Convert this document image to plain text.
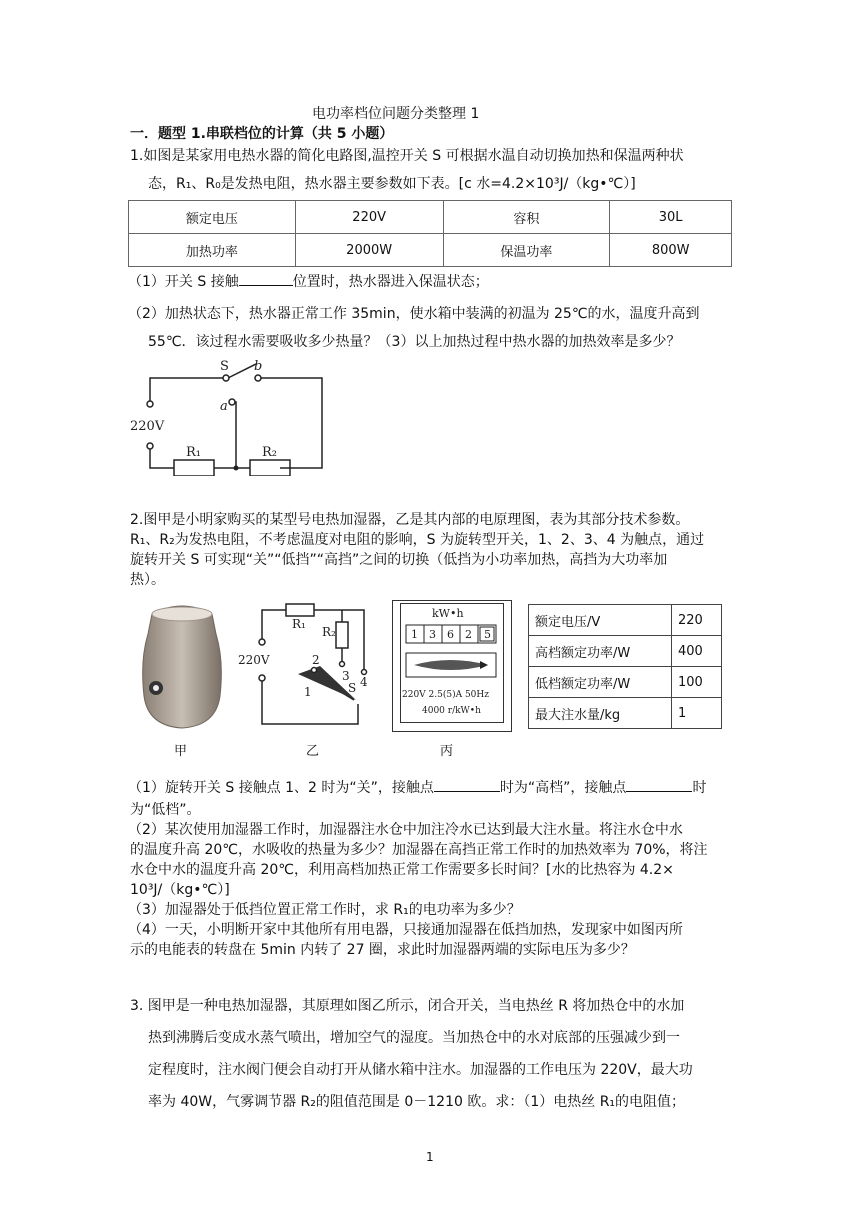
电功率档位问题分类整理 1
一．题型 1.串联档位的计算（共 5 小题）
1.如图是某家用电热水器的简化电路图,温控开关 S 可根据水温自动切换加热和保温两种状
态，R₁、R₀是发热电阻，热水器主要参数如下表。[c 水=4.2×10³J/（kg•℃）]
额定电压	220V	容积	30L
加热功率	2000W	保温功率	800W
（1）开关 S 接触	位置时，热水器进入保温状态；
（2）加热状态下，热水器正常工作 35min，使水箱中装满的初温为 25℃的水，温度升高到
55℃．该过程水需要吸收多少热量？（3）以上加热过程中热水器的加热效率是多少？
S b
a
220V
R₁	R₂
2.图甲是小明家购买的某型号电热加湿器，乙是其内部的电原理图，表为其部分技术参数。
R₁、R₂为发热电阻，不考虑温度对电阻的影响，S 为旋转型开关，1、2、3、4 为触点，通过
旋转开关 S 可实现“关”“低挡”“高挡”之间的切换（低挡为小功率加热，高挡为大功率加
热）。
R₁
R₂
220V
1
2
3 4
S
kW•h
1 3 6 2 5
220V 2.5(5)A 50Hz
4000 r/kW•h
额定电压/V	220
高档额定功率/W	400
低档额定功率/W	100
最大注水量/kg	1
甲	乙	丙
（1）旋转开关 S 接触点 1、2 时为“关”，接触点	时为“高档”，接触点	时
为“低档”。
（2）某次使用加湿器工作时，加湿器注水仓中加注冷水已达到最大注水量。将注水仓中水
的温度升高 20℃，水吸收的热量为多少？加湿器在高挡正常工作时的加热效率为 70%，将注
水仓中水的温度升高 20℃，利用高档加热正常工作需要多长时间？[水的比热容为 4.2×
10³J/（kg•℃）]
（3）加湿器处于低挡位置正常工作时，求 R₁的电功率为多少？
（4）一天，小明断开家中其他所有用电器，只接通加湿器在低挡加热，发现家中如图丙所
示的电能表的转盘在 5min 内转了 27 圈，求此时加湿器两端的实际电压为多少？
3. 图甲是一种电热加湿器，其原理如图乙所示，闭合开关，当电热丝 R 将加热仓中的水加
热到沸腾后变成水蒸气喷出，增加空气的湿度。当加热仓中的水对底部的压强减少到一
定程度时，注水阀门便会自动打开从储水箱中注水。加湿器的工作电压为 220V，最大功
率为 40W，气雾调节器 R₂的阻值范围是 0－1210 欧。求：（1）电热丝 R₁的电阻值；
1
